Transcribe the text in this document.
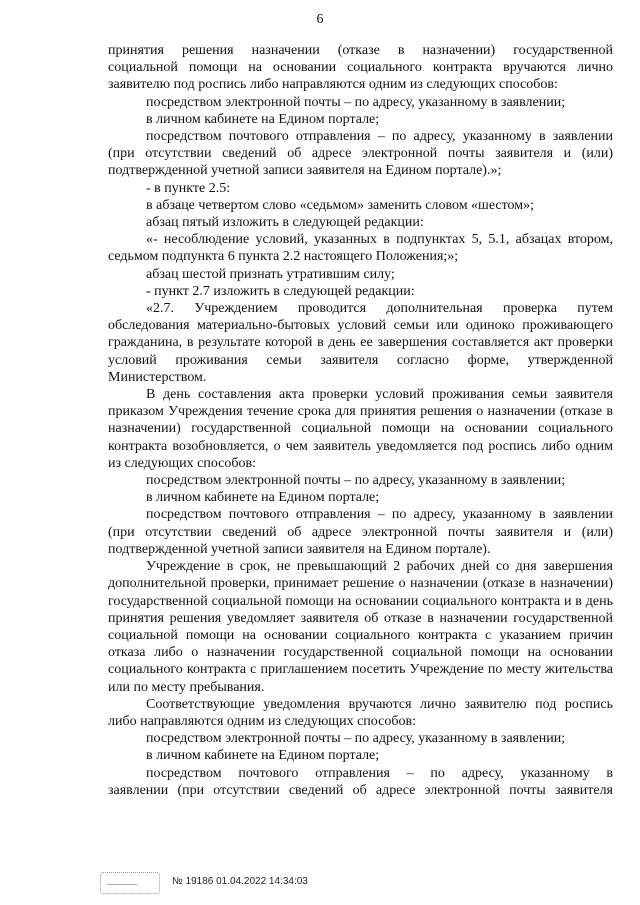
6

принятия решения назначении (отказе в назначении) государственной

социальной помощи на основании социального контракта вручаются лично

заявителю под роспись либо направляются одним из следующих способов:

посредством электронной почты – по адресу, указанному в заявлении;

в личном кабинете на Едином портале;

посредством почтового отправления – по адресу, указанному в заявлении (при отсутствии сведений об адресе электронной почты заявителя и (или) подтвержденной учетной записи заявителя на Едином портале).»;

- в пункте 2.5:

в абзаце четвертом слово «седьмом» заменить словом «шестом»;

абзац пятый изложить в следующей редакции:

«- несоблюдение условий, указанных в подпунктах 5, 5.1, абзацах втором, седьмом подпункта 6 пункта 2.2 настоящего Положения;»;

абзац шестой признать утратившим силу;

- пункт 2.7 изложить в следующей редакции:

«2.7. Учреждением проводится дополнительная проверка путем обследования материально-бытовых условий семьи или одиноко проживающего гражданина, в результате которой в день ее завершения составляется акт проверки условий проживания семьи заявителя согласно форме, утвержденной Министерством.

В день составления акта проверки условий проживания семьи заявителя приказом Учреждения течение срока для принятия решения о назначении (отказе в назначении) государственной социальной помощи на основании социального контракта возобновляется, о чем заявитель уведомляется под роспись либо одним из следующих способов:

посредством электронной почты – по адресу, указанному в заявлении;

в личном кабинете на Едином портале;

посредством почтового отправления – по адресу, указанному в заявлении (при отсутствии сведений об адресе электронной почты заявителя и (или) подтвержденной учетной записи заявителя на Едином портале).

Учреждение в срок, не превышающий 2 рабочих дней со дня завершения дополнительной проверки, принимает решение о назначении (отказе в назначении) государственной социальной помощи на основании социального контракта и в день принятия решения уведомляет заявителя об отказе в назначении государственной социальной помощи на основании социального контракта с указанием причин отказа либо о назначении государственной социальной помощи на основании социального контракта с приглашением посетить Учреждение по месту жительства или по месту пребывания.

Соответствующие уведомления вручаются лично заявителю под роспись либо направляются одним из следующих способов:

посредством электронной почты – по адресу, указанному в заявлении;

в личном кабинете на Едином портале;

посредством почтового отправления – по адресу, указанному в

заявлении (при отсутствии сведений об адресе электронной почты заявителя

№ 19186 01.04.2022 14:34:03
